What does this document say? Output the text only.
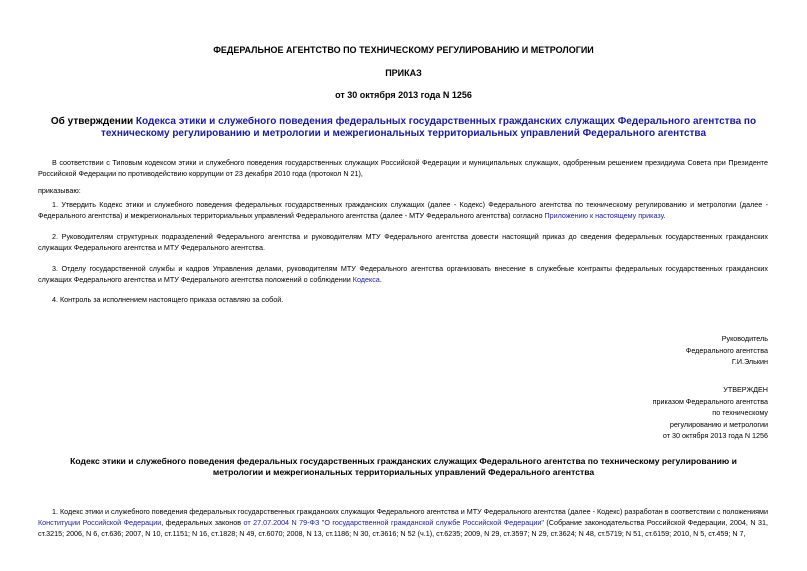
ФЕДЕРАЛЬНОЕ АГЕНТСТВО ПО ТЕХНИЧЕСКОМУ РЕГУЛИРОВАНИЮ И МЕТРОЛОГИИ
ПРИКАЗ
от 30 октября 2013 года N 1256
Об утверждении Кодекса этики и служебного поведения федеральных государственных гражданских служащих Федерального агентства по техническому регулированию и метрологии и межрегиональных территориальных управлений Федерального агентства
В соответствии с Типовым кодексом этики и служебного поведения государственных служащих Российской Федерации и муниципальных служащих, одобренным решением президиума Совета при Президенте Российской Федерации по противодействию коррупции от 23 декабря 2010 года (протокол N 21),
приказываю:
1. Утвердить Кодекс этики и служебного поведения федеральных государственных гражданских служащих (далее - Кодекс) Федерального агентства по техническому регулированию и метрологии (далее - Федерального агентства) и межрегиональных территориальных управлений Федерального агентства (далее - МТУ Федерального агентства) согласно Приложению к настоящему приказу.
2. Руководителям структурных подразделений Федерального агентства и руководителям МТУ Федерального агентства довести настоящий приказ до сведения федеральных государственных гражданских служащих Федерального агентства и МТУ Федерального агентства.
3. Отделу государственной службы и кадров Управления делами, руководителям МТУ Федерального агентства организовать внесение в служебные контракты федеральных государственных гражданских служащих Федерального агентства и МТУ Федерального агентства положений о соблюдении Кодекса.
4. Контроль за исполнением настоящего приказа оставляю за собой.
Руководитель
Федерального агентства
Г.И.Элькин
УТВЕРЖДЕН
приказом Федерального агентства
по техническому
регулированию и метрологии
от 30 октября 2013 года N 1256
Кодекс этики и служебного поведения федеральных государственных гражданских служащих Федерального агентства по техническому регулированию и метрологии и межрегиональных территориальных управлений Федерального агентства
1. Кодекс этики и служебного поведения федеральных государственных гражданских служащих Федерального агентства и МТУ Федерального агентства (далее - Кодекс) разработан в соответствии с положениями Конституции Российской Федерации, федеральных законов от 27.07.2004 N 79-ФЗ "О государственной гражданской службе Российской Федерации" (Собрание законодательства Российской Федерации, 2004, N 31, ст.3215; 2006, N 6, ст.636; 2007, N 10, ст.1151; N 16, ст.1828; N 49, ст.6070; 2008, N 13, ст.1186; N 30, ст.3616; N 52 (ч.1), ст.6235; 2009, N 29, ст.3597; N 29, ст.3624; N 48, ст.5719; N 51, ст.6159; 2010, N 5, ст.459; N 7,
